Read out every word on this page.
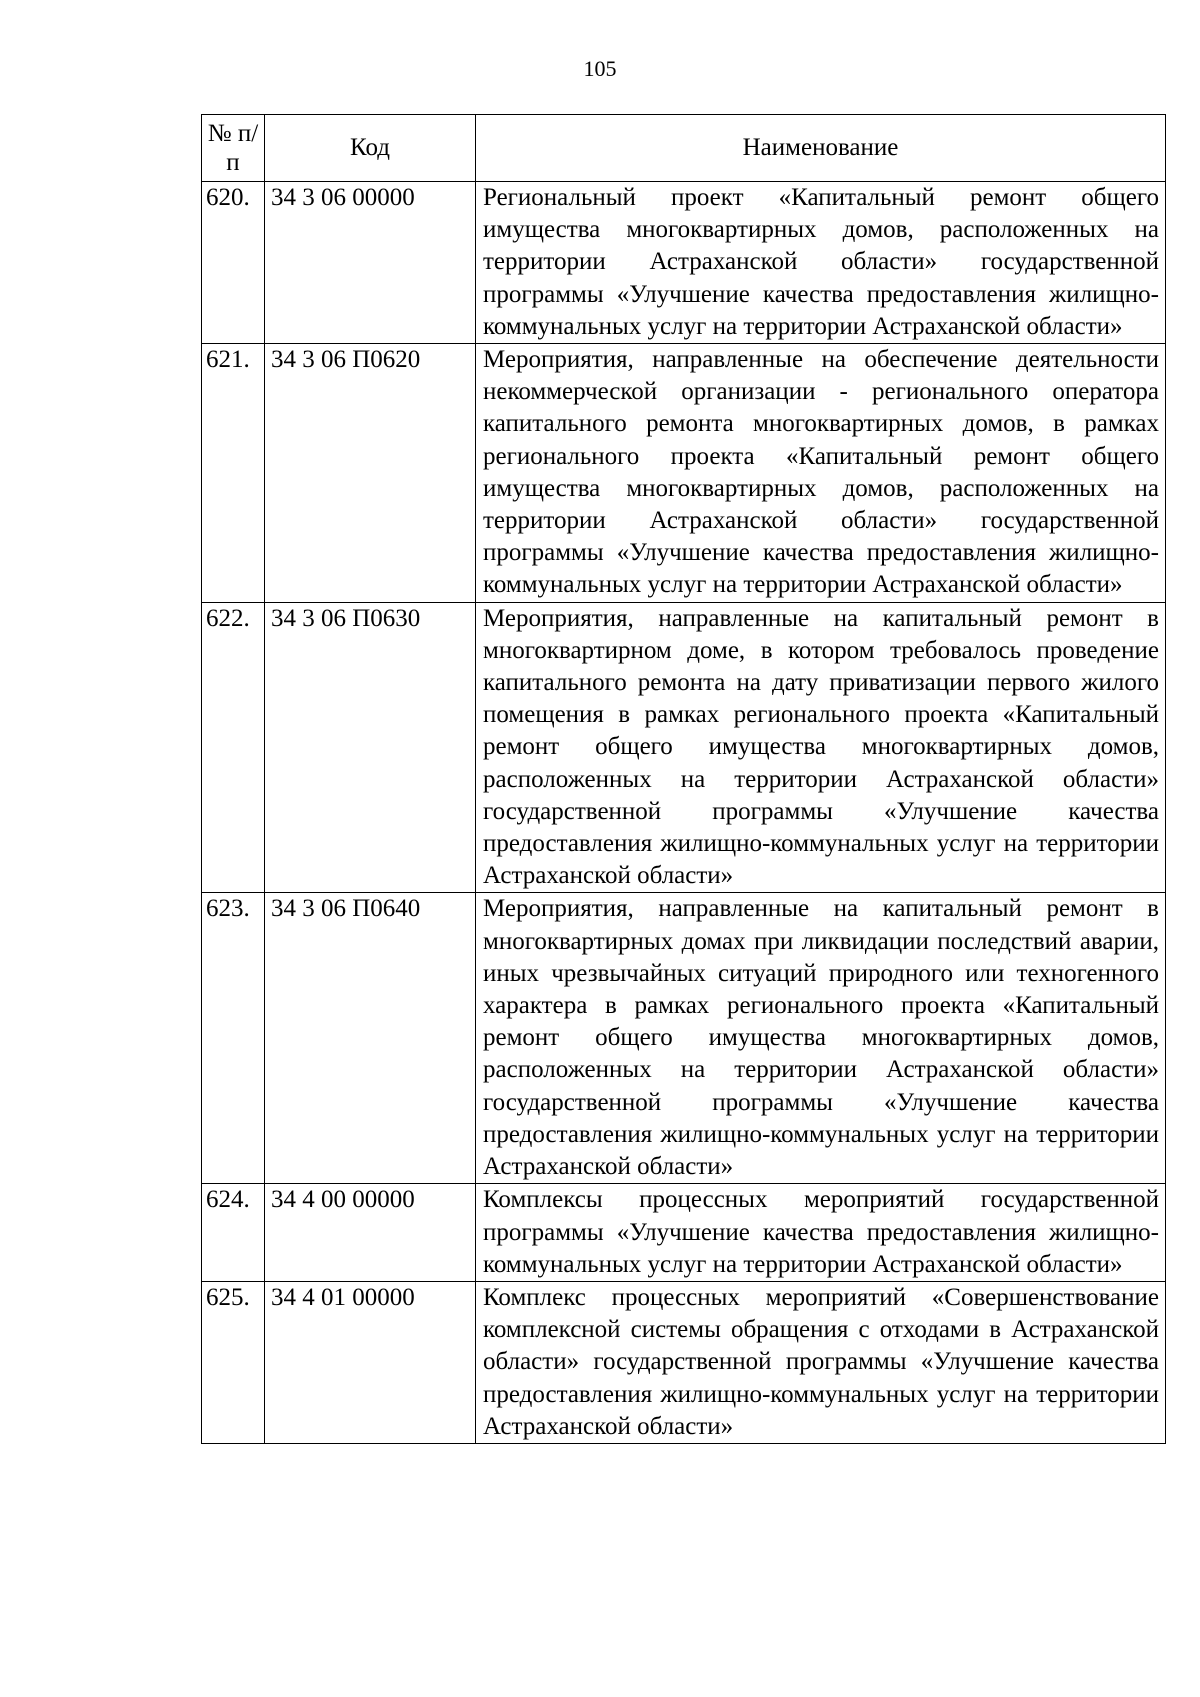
105
№ п/п	Код	Наименование
620.	34 3 06 00000	Региональный проект «Капитальный ремонт общего имущества многоквартирных домов, расположенных на территории Астраханской области» государственной программы «Улучшение качества предоставления жилищно-коммунальных услуг на территории Астраханской области»
621.	34 3 06 П0620	Мероприятия, направленные на обеспечение деятельности некоммерческой организации - регионального оператора капитального ремонта многоквартирных домов, в рамках регионального проекта «Капитальный ремонт общего имущества многоквартирных домов, расположенных на территории Астраханской области» государственной программы «Улучшение качества предоставления жилищно-коммунальных услуг на территории Астраханской области»
622.	34 3 06 П0630	Мероприятия, направленные на капитальный ремонт в многоквартирном доме, в котором требовалось проведение капитального ремонта на дату приватизации первого жилого помещения в рамках регионального проекта «Капитальный ремонт общего имущества многоквартирных домов, расположенных на территории Астраханской области» государственной программы «Улучшение качества предоставления жилищно-коммунальных услуг на территории Астраханской области»
623.	34 3 06 П0640	Мероприятия, направленные на капитальный ремонт в многоквартирных домах при ликвидации последствий аварии, иных чрезвычайных ситуаций природного или техногенного характера в рамках регионального проекта «Капитальный ремонт общего имущества многоквартирных домов, расположенных на территории Астраханской области» государственной программы «Улучшение качества предоставления жилищно-коммунальных услуг на территории Астраханской области»
624.	34 4 00 00000	Комплексы процессных мероприятий государственной программы «Улучшение качества предоставления жилищно-коммунальных услуг на территории Астраханской области»
625.	34 4 01 00000	Комплекс процессных мероприятий «Совершенствование комплексной системы обращения с отходами в Астраханской области» государственной программы «Улучшение качества предоставления жилищно-коммунальных услуг на территории Астраханской области»
